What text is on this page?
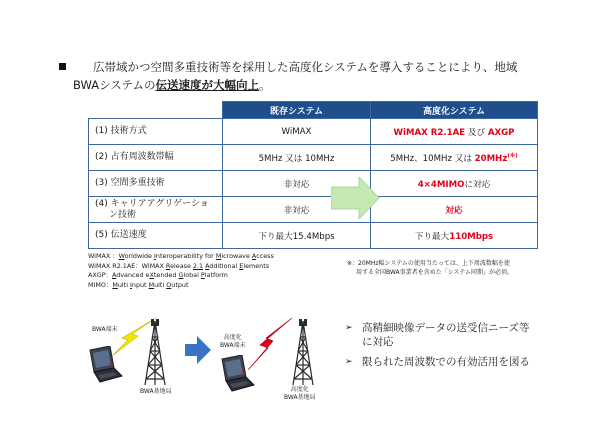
広帯域かつ空間多重技術等を採用した高度化システムを導入することにより、地域
BWAシステムの伝送速度が大幅向上。
	既存システム	高度化システム
(1) 技術方式	WiMAX	WiMAX R2.1AE 及び AXGP
(2) 占有周波数帯幅	5MHz 又は 10MHz	5MHz、10MHz 又は 20MHz(※)
(3) 空間多重技術	非対応	4×4MIMOに対応

(4) キャリアアグリゲーショ
ン技術	非対応	対応
(5) 伝送速度	下り最大15.4Mbps	下り最大110Mbps
WiMAX ：Worldwide Interoperability for Microwave Access
WiMAX R2.1AE：WiMAX Release 2.1 Additional Elements
AXGP：Advanced eXtended Global Platform
MIMO：Multi Input Multi Output
※：20MHz幅システムの使用当たっては、上下周波数幅を使
用する全国BWA事業者を含めた「システム同期」が必須。
BWA端末
≈
BWA基地局
高度化
BWA端末
≈
高度化
BWA基地局
➢ 高精細映像データの送受信ニーズ等
に対応
➢ 限られた周波数での有効活用を図る
